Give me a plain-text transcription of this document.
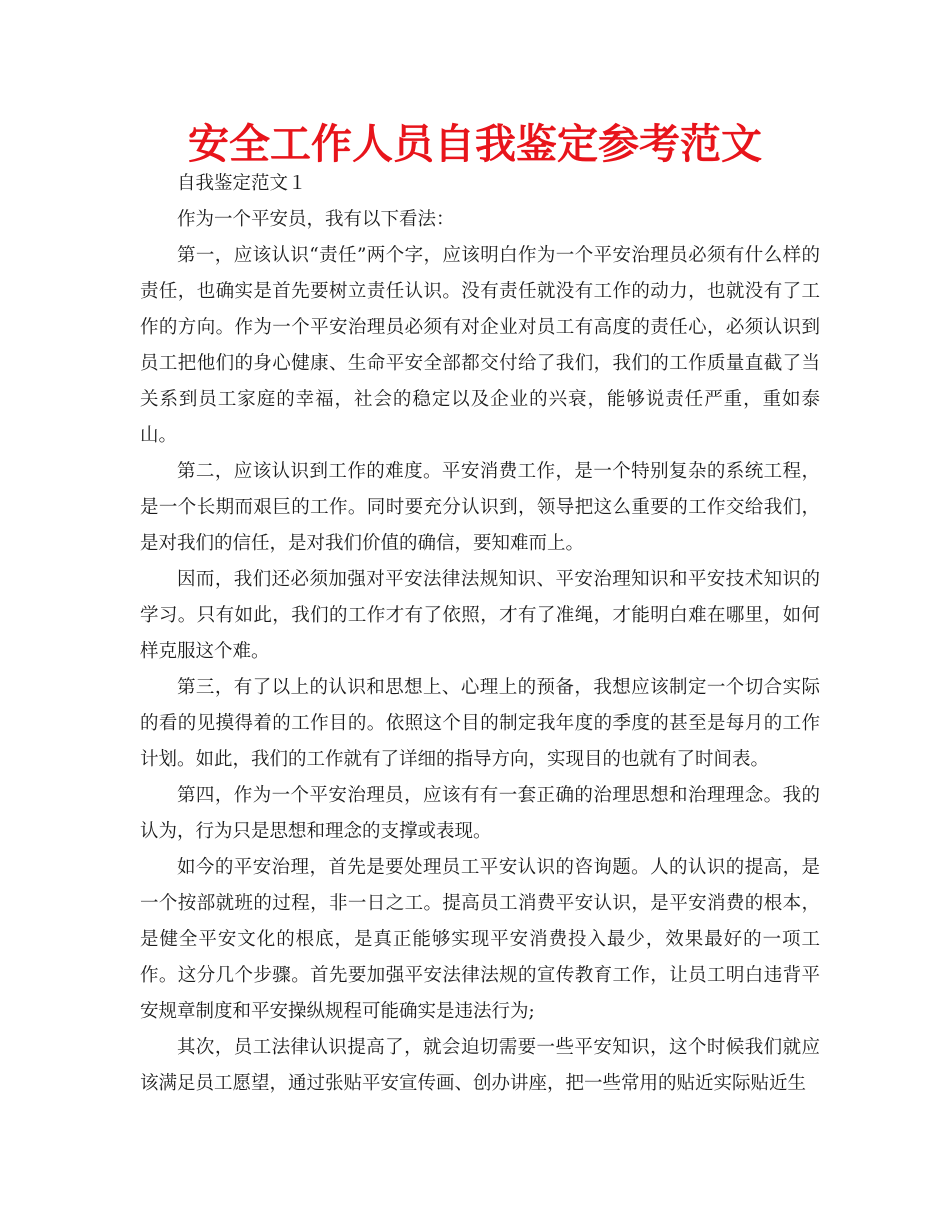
安全工作人员自我鉴定参考范文

自我鉴定范文１

作为一个平安员，我有以下看法：

第一，应该认识“责任”两个字，应该明白作为一个平安治理员必须有什么样的责任，也确实是首先要树立责任认识。没有责任就没有工作的动力，也就没有了工作的方向。作为一个平安治理员必须有对企业对员工有高度的责任心，必须认识到员工把他们的身心健康、生命平安全部都交付给了我们，我们的工作质量直截了当关系到员工家庭的幸福，社会的稳定以及企业的兴衰，能够说责任严重，重如泰山。

第二，应该认识到工作的难度。平安消费工作，是一个特别复杂的系统工程，是一个长期而艰巨的工作。同时要充分认识到，领导把这么重要的工作交给我们，是对我们的信任，是对我们价值的确信，要知难而上。

因而，我们还必须加强对平安法律法规知识、平安治理知识和平安技术知识的学习。只有如此，我们的工作才有了依照，才有了准绳，才能明白难在哪里，如何样克服这个难。

第三，有了以上的认识和思想上、心理上的预备，我想应该制定一个切合实际的看的见摸得着的工作目的。依照这个目的制定我年度的季度的甚至是每月的工作计划。如此，我们的工作就有了详细的指导方向，实现目的也就有了时间表。

第四，作为一个平安治理员，应该有有一套正确的治理思想和治理理念。我的认为，行为只是思想和理念的支撑或表现。

如今的平安治理，首先是要处理员工平安认识的咨询题。人的认识的提高，是一个按部就班的过程，非一日之工。提高员工消费平安认识，是平安消费的根本，是健全平安文化的根底，是真正能够实现平安消费投入最少，效果最好的一项工作。这分几个步骤。首先要加强平安法律法规的宣传教育工作，让员工明白违背平安规章制度和平安操纵规程可能确实是违法行为;

其次，员工法律认识提高了，就会迫切需要一些平安知识，这个时候我们就应该满足员工愿望，通过张贴平安宣传画、创办讲座，把一些常用的贴近实际贴近生
